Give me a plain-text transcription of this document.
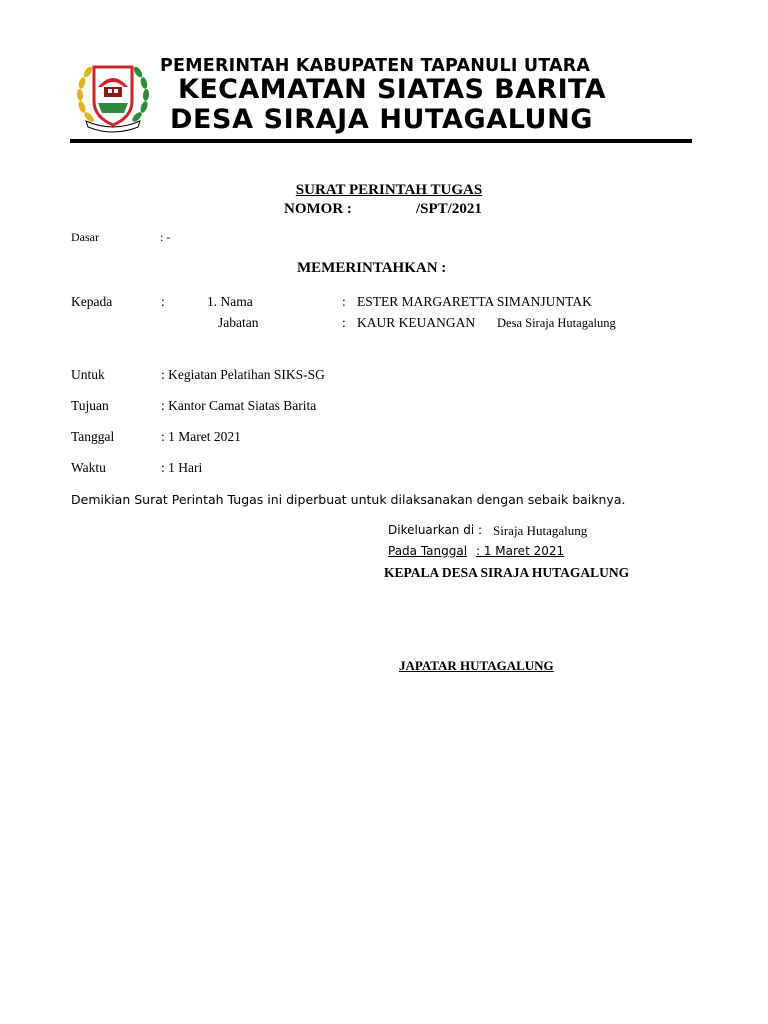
PEMERINTAH KABUPATEN TAPANULI UTARA
KECAMATAN SIATAS BARITA
DESA SIRAJA HUTAGALUNG
SURAT PERINTAH TUGAS
NOMOR :	/SPT/2021
Dasar	: -
MEMERINTAHKAN :
Kepada	:	1. Nama	: ESTER MARGARETTA SIMANJUNTAK
Jabatan	: KAUR KEUANGAN Desa Siraja Hutagalung
Untuk	: Kegiatan Pelatihan SIKS-SG
Tujuan	: Kantor Camat Siatas Barita
Tanggal	: 1 Maret 2021
Waktu	: 1 Hari
Demikian Surat Perintah Tugas ini diperbuat untuk dilaksanakan dengan sebaik baiknya.
Dikeluarkan di : Siraja Hutagalung
Pada Tanggal : 1 Maret 2021
KEPALA DESA SIRAJA HUTAGALUNG
JAPATAR HUTAGALUNG
